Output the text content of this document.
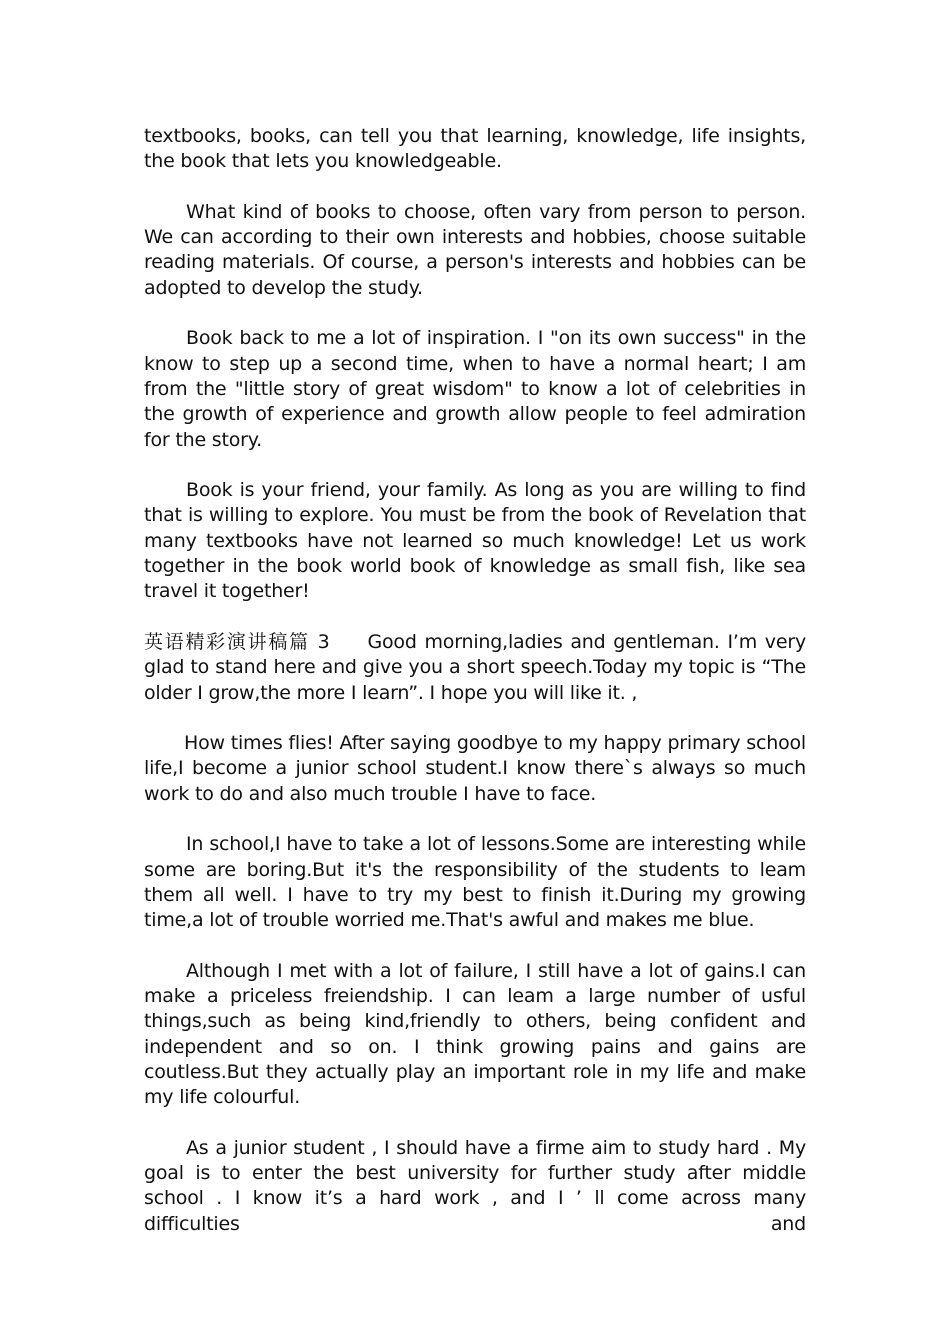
textbooks, books, can tell you that learning, knowledge, life insights, the book that lets you knowledgeable.

What kind of books to choose, often vary from person to person. We can according to their own interests and hobbies, choose suitable reading materials. Of course, a person's interests and hobbies can be adopted to develop the study.

Book back to me a lot of inspiration. I "on its own success" in the know to step up a second time, when to have a normal heart; I am from the "little story of great wisdom" to know a lot of celebrities in the growth of experience and growth allow people to feel admiration for the story.

Book is your friend, your family. As long as you are willing to find that is willing to explore. You must be from the book of Revelation that many textbooks have not learned so much knowledge! Let us work together in the book world book of knowledge as small fish, like sea travel it together!

英语精彩演讲稿篇 3 Good morning,ladies and gentleman. I’m very glad to stand here and give you a short speech.Today my topic is “The older I grow,the more I learn”. I hope you will like it. ,

How times flies! After saying goodbye to my happy primary school life,I become a junior school student.I know there`s always so much work to do and also much trouble I have to face.

In school,I have to take a lot of lessons.Some are interesting while some are boring.But it's the responsibility of the students to leam them all well. I have to try my best to finish it.During my growing time,a lot of trouble worried me.That's awful and makes me blue.

Although I met with a lot of failure, I still have a lot of gains.I can make a priceless freiendship. I can leam a large number of usful things,such as being kind,friendly to others, being confident and independent and so on. I think growing pains and gains are coutless.But they actually play an important role in my life and make my life colourful.

As a junior student , I should have a firme aim to study hard . My goal is to enter the best university for further study after middle school . I know it’s a hard work , and I ’ ll come across many difficulties and
